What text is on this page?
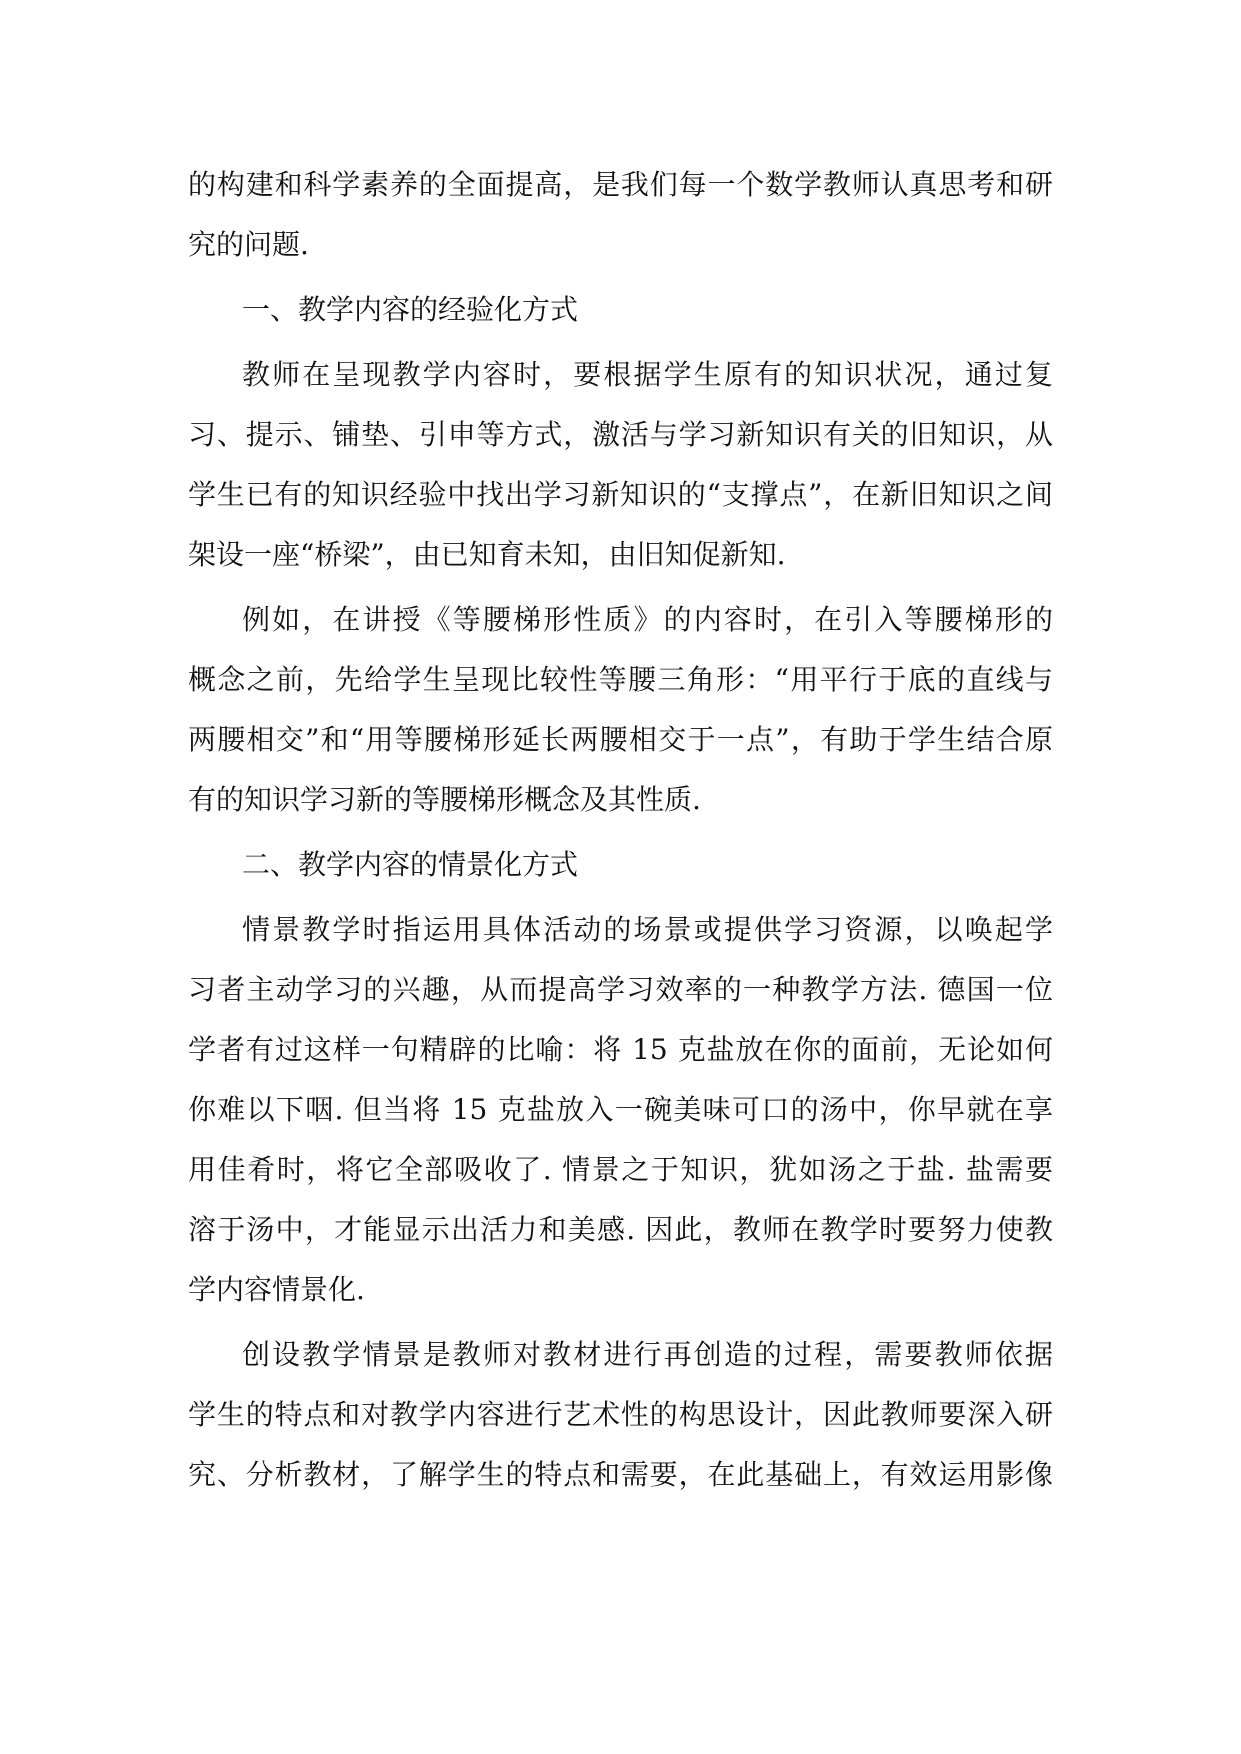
的构建和科学素养的全面提高，是我们每一个数学教师认真思考和研
究的问题.
一、教学内容的经验化方式
教师在呈现教学内容时，要根据学生原有的知识状况，通过复
习、提示、铺垫、引申等方式，激活与学习新知识有关的旧知识，从
学生已有的知识经验中找出学习新知识的“支撑点”，在新旧知识之间
架设一座“桥梁”，由已知育未知，由旧知促新知.
例如，在讲授《等腰梯形性质》的内容时，在引入等腰梯形的
概念之前，先给学生呈现比较性等腰三角形：“用平行于底的直线与
两腰相交”和“用等腰梯形延长两腰相交于一点”，有助于学生结合原
有的知识学习新的等腰梯形概念及其性质.
二、教学内容的情景化方式
情景教学时指运用具体活动的场景或提供学习资源，以唤起学
习者主动学习的兴趣，从而提高学习效率的一种教学方法. 德国一位
学者有过这样一句精辟的比喻：将 15 克盐放在你的面前，无论如何
你难以下咽. 但当将 15 克盐放入一碗美味可口的汤中，你早就在享
用佳肴时，将它全部吸收了. 情景之于知识，犹如汤之于盐. 盐需要
溶于汤中，才能显示出活力和美感. 因此，教师在教学时要努力使教
学内容情景化.
创设教学情景是教师对教材进行再创造的过程，需要教师依据
学生的特点和对教学内容进行艺术性的构思设计，因此教师要深入研
究、分析教材，了解学生的特点和需要，在此基础上，有效运用影像
